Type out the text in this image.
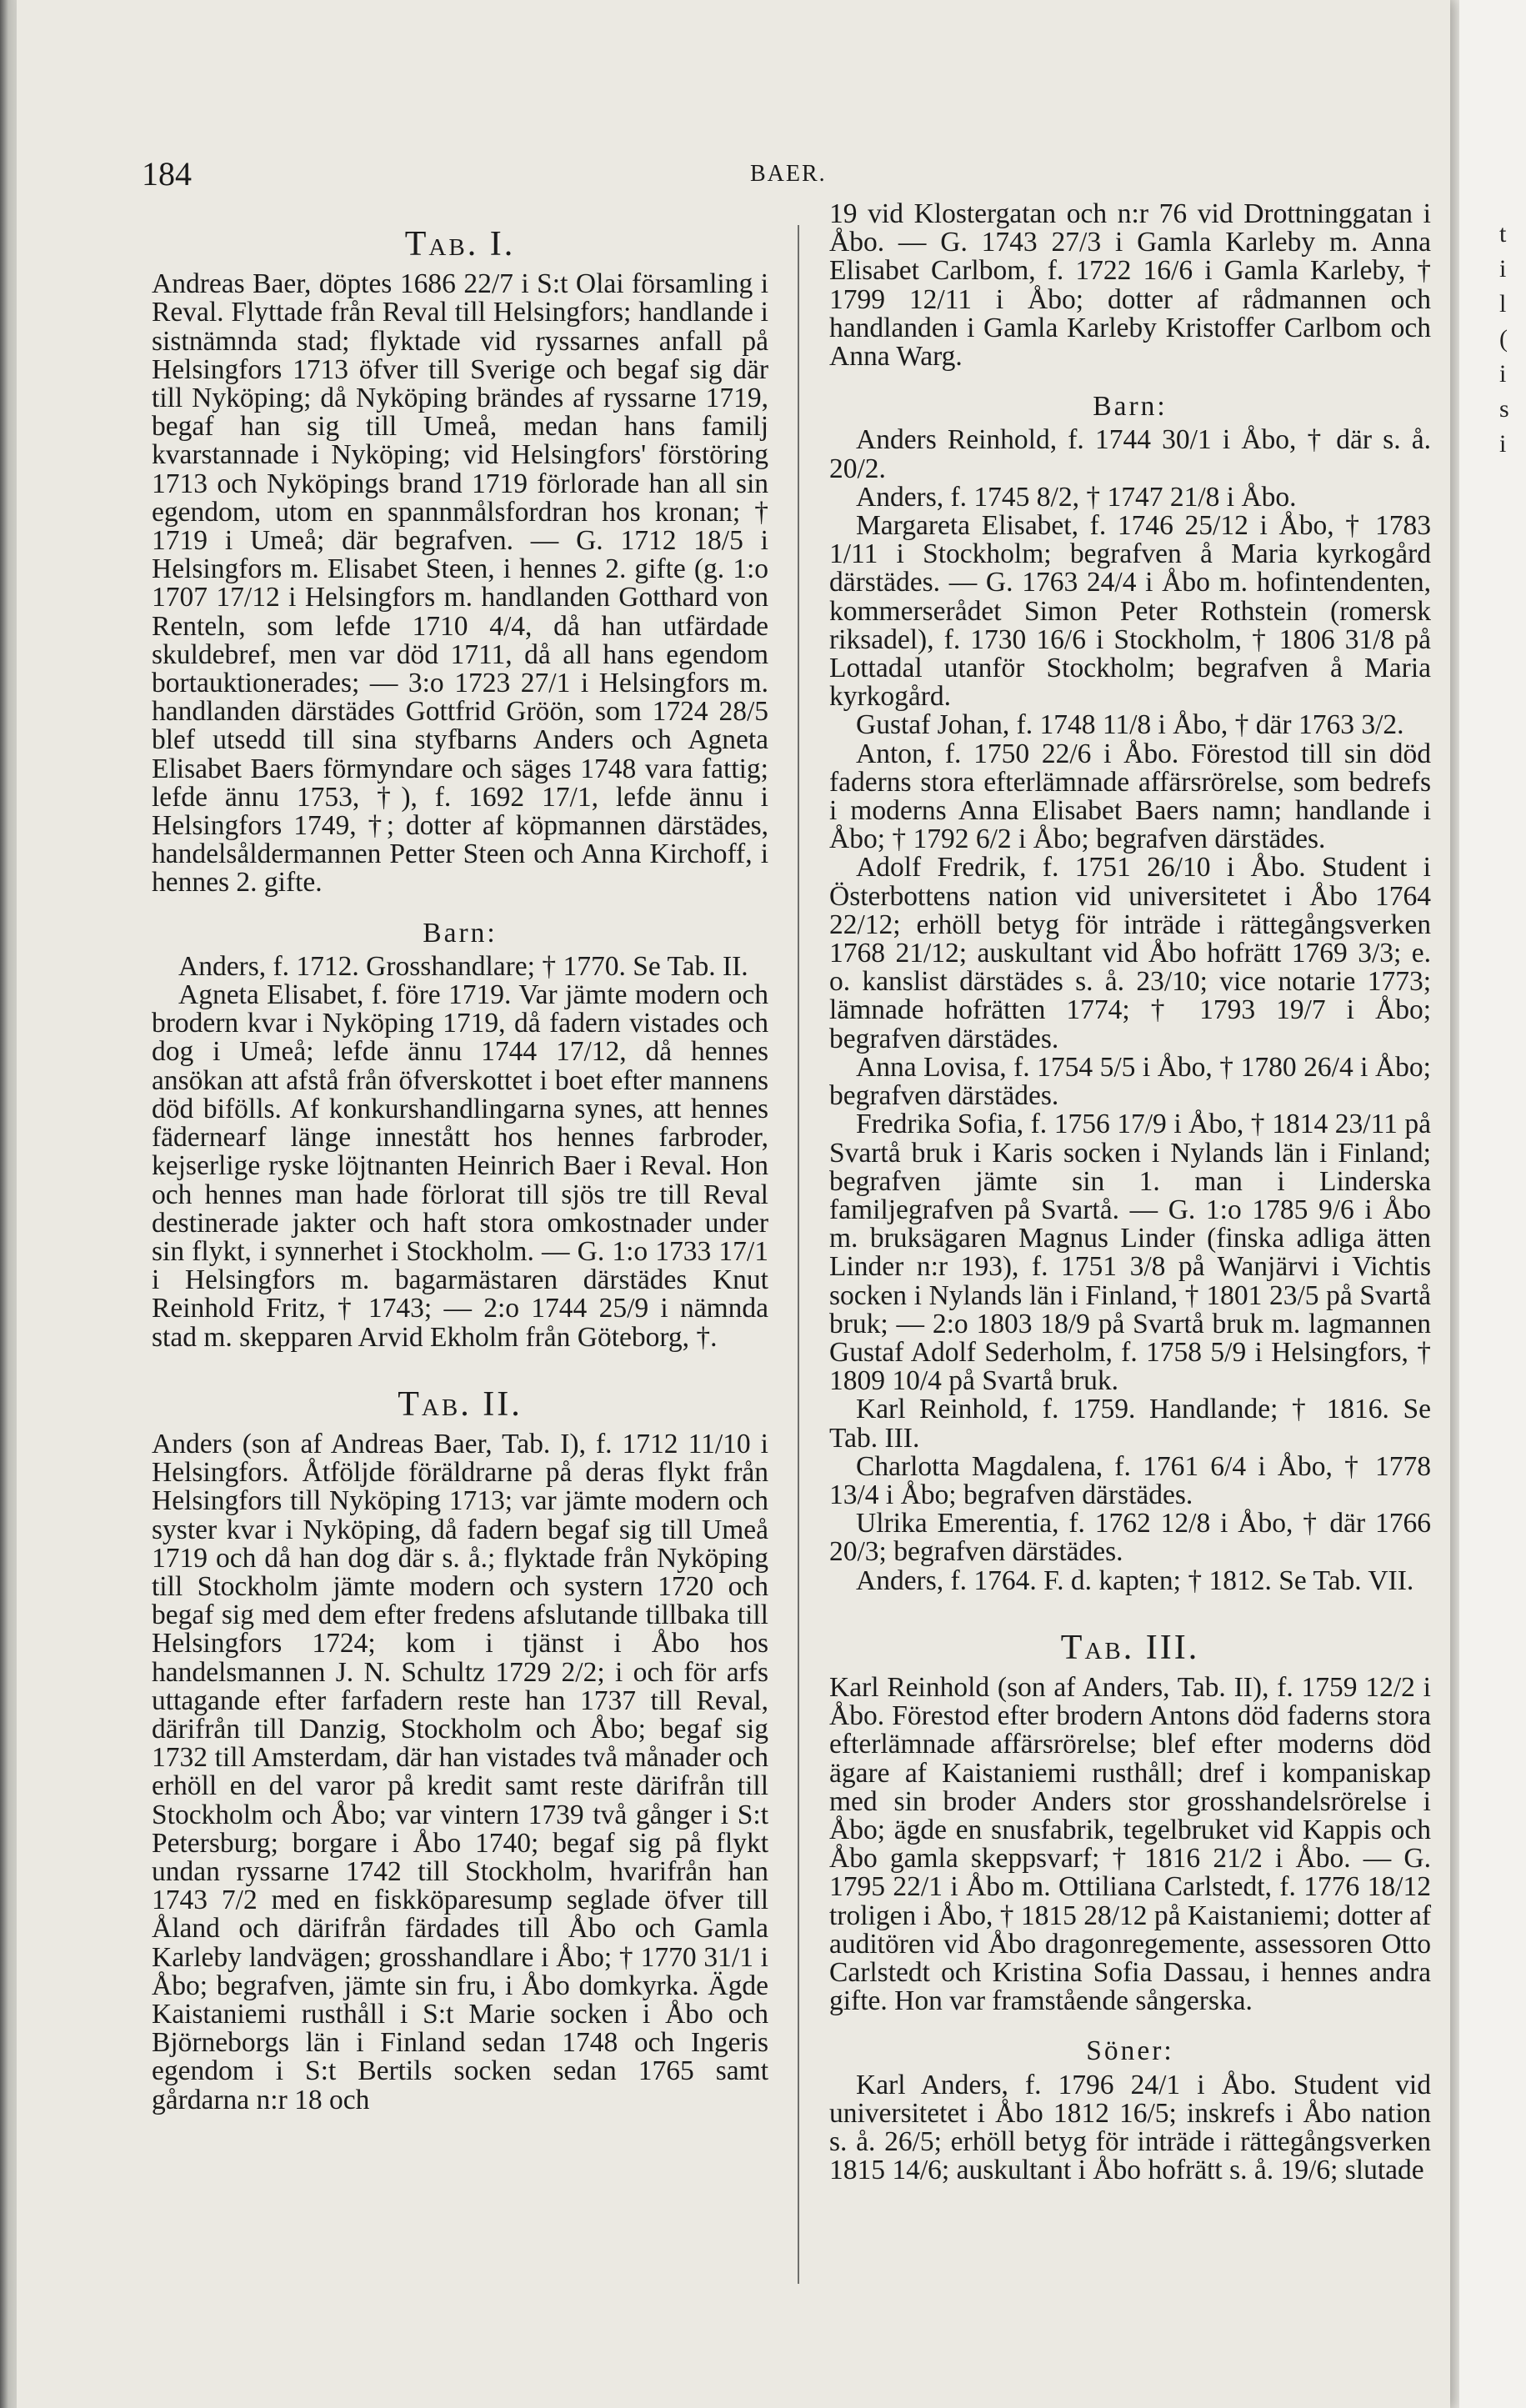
184	BAER.
Tab. I.

Andreas Baer, döptes 1686 22/7 i S:t Olai församling i Reval. Flyttade från Reval till Helsingfors; handlande i sistnämnda stad; flyktade vid ryssarnes anfall på Helsingfors 1713 öfver till Sverige och begaf sig där till Nyköping; då Nyköping brändes af ryssarne 1719, begaf han sig till Umeå, medan hans familj kvarstannade i Nyköping; vid Helsingfors' förstöring 1713 och Nyköpings brand 1719 förlorade han all sin egendom, utom en spannmålsfordran hos kronan; † 1719 i Umeå; där begrafven. — G. 1712 18/5 i Helsingfors m. Elisabet Steen, i hennes 2. gifte (g. 1:o 1707 17/12 i Helsingfors m. handlanden Gotthard von Renteln, som lefde 1710 4/4, då han utfärdade skuldebref, men var död 1711, då all hans egendom bortauktionerades; — 3:o 1723 27/1 i Helsingfors m. handlanden därstädes Gottfrid Gröön, som 1724 28/5 blef utsedd till sina styfbarns Anders och Agneta Elisabet Baers förmyndare och säges 1748 vara fattig; lefde ännu 1753, †), f. 1692 17/1, lefde ännu i Helsingfors 1749, †; dotter af köpmannen därstädes, handelsåldermannen Petter Steen och Anna Kirchoff, i hennes 2. gifte.

Barn:

Anders, f. 1712. Grosshandlare; † 1770. Se Tab. II.

Agneta Elisabet, f. före 1719. Var jämte modern och brodern kvar i Nyköping 1719, då fadern vistades och dog i Umeå; lefde ännu 1744 17/12, då hennes ansökan att afstå från öfverskottet i boet efter mannens död bifölls. Af konkurshandlingarna synes, att hennes fädernearf länge innestått hos hennes farbroder, kejserlige ryske löjtnanten Heinrich Baer i Reval. Hon och hennes man hade förlorat till sjös tre till Reval destinerade jakter och haft stora omkostnader under sin flykt, i synnerhet i Stockholm. — G. 1:o 1733 17/1 i Helsingfors m. bagarmästaren därstädes Knut Reinhold Fritz, † 1743; — 2:o 1744 25/9 i nämnda stad m. skepparen Arvid Ekholm från Göteborg, †.

Tab. II.

Anders (son af Andreas Baer, Tab. I), f. 1712 11/10 i Helsingfors. Åtföljde föräldrarne på deras flykt från Helsingfors till Nyköping 1713; var jämte modern och syster kvar i Nyköping, då fadern begaf sig till Umeå 1719 och då han dog där s. å.; flyktade från Nyköping till Stockholm jämte modern och systern 1720 och begaf sig med dem efter fredens afslutande tillbaka till Helsingfors 1724; kom i tjänst i Åbo hos handelsmannen J. N. Schultz 1729 2/2; i och för arfs uttagande efter farfadern reste han 1737 till Reval, därifrån till Danzig, Stockholm och Åbo; begaf sig 1732 till Amsterdam, där han vistades två månader och erhöll en del varor på kredit samt reste därifrån till Stockholm och Åbo; var vintern 1739 två gånger i S:t Petersburg; borgare i Åbo 1740; begaf sig på flykt undan ryssarne 1742 till Stockholm, hvarifrån han 1743 7/2 med en fiskköparesump seglade öfver till Åland och därifrån färdades till Åbo och Gamla Karleby landvägen; grosshandlare i Åbo; † 1770 31/1 i Åbo; begrafven, jämte sin fru, i Åbo domkyrka. Ägde Kaistaniemi rusthåll i S:t Marie socken i Åbo och Björneborgs län i Finland sedan 1748 och Ingeris egendom i S:t Bertils socken sedan 1765 samt gårdarna n:r 18 och

19 vid Klostergatan och n:r 76 vid Drottninggatan i Åbo. — G. 1743 27/3 i Gamla Karleby m. Anna Elisabet Carlbom, f. 1722 16/6 i Gamla Karleby, † 1799 12/11 i Åbo; dotter af rådmannen och handlanden i Gamla Karleby Kristoffer Carlbom och Anna Warg.

Barn:

Anders Reinhold, f. 1744 30/1 i Åbo, † där s. å. 20/2.

Anders, f. 1745 8/2, † 1747 21/8 i Åbo.

Margareta Elisabet, f. 1746 25/12 i Åbo, † 1783 1/11 i Stockholm; begrafven å Maria kyrkogård därstädes. — G. 1763 24/4 i Åbo m. hofintendenten, kommerserådet Simon Peter Rothstein (romersk riksadel), f. 1730 16/6 i Stockholm, † 1806 31/8 på Lottadal utanför Stockholm; begrafven å Maria kyrkogård.

Gustaf Johan, f. 1748 11/8 i Åbo, † där 1763 3/2.

Anton, f. 1750 22/6 i Åbo. Förestod till sin död faderns stora efterlämnade affärsrörelse, som bedrefs i moderns Anna Elisabet Baers namn; handlande i Åbo; † 1792 6/2 i Åbo; begrafven därstädes.

Adolf Fredrik, f. 1751 26/10 i Åbo. Student i Österbottens nation vid universitetet i Åbo 1764 22/12; erhöll betyg för inträde i rättegångsverken 1768 21/12; auskultant vid Åbo hofrätt 1769 3/3; e. o. kanslist därstädes s. å. 23/10; vice notarie 1773; lämnade hofrätten 1774; † 1793 19/7 i Åbo; begrafven därstädes.

Anna Lovisa, f. 1754 5/5 i Åbo, † 1780 26/4 i Åbo; begrafven därstädes.

Fredrika Sofia, f. 1756 17/9 i Åbo, † 1814 23/11 på Svartå bruk i Karis socken i Nylands län i Finland; begrafven jämte sin 1. man i Linderska familjegrafven på Svartå. — G. 1:o 1785 9/6 i Åbo m. bruksägaren Magnus Linder (finska adliga ätten Linder n:r 193), f. 1751 3/8 på Wanjärvi i Vichtis socken i Nylands län i Finland, † 1801 23/5 på Svartå bruk; — 2:o 1803 18/9 på Svartå bruk m. lagmannen Gustaf Adolf Sederholm, f. 1758 5/9 i Helsingfors, † 1809 10/4 på Svartå bruk.

Karl Reinhold, f. 1759. Handlande; † 1816. Se Tab. III.

Charlotta Magdalena, f. 1761 6/4 i Åbo, † 1778 13/4 i Åbo; begrafven därstädes.

Ulrika Emerentia, f. 1762 12/8 i Åbo, † där 1766 20/3; begrafven därstädes.

Anders, f. 1764. F. d. kapten; † 1812. Se Tab. VII.

Tab. III.

Karl Reinhold (son af Anders, Tab. II), f. 1759 12/2 i Åbo. Förestod efter brodern Antons död faderns stora efterlämnade affärsrörelse; blef efter moderns död ägare af Kaistaniemi rusthåll; dref i kompaniskap med sin broder Anders stor grosshandelsrörelse i Åbo; ägde en snusfabrik, tegelbruket vid Kappis och Åbo gamla skeppsvarf; † 1816 21/2 i Åbo. — G. 1795 22/1 i Åbo m. Ottiliana Carlstedt, f. 1776 18/12 troligen i Åbo, † 1815 28/12 på Kaistaniemi; dotter af auditören vid Åbo dragonregemente, assessoren Otto Carlstedt och Kristina Sofia Dassau, i hennes andra gifte. Hon var framstående sångerska.

Söner:

Karl Anders, f. 1796 24/1 i Åbo. Student vid universitetet i Åbo 1812 16/5; inskrefs i Åbo nation s. å. 26/5; erhöll betyg för inträde i rättegångsverken 1815 14/6; auskultant i Åbo hofrätt s. å. 19/6; slutade

t
i
l
(
i
s
i
